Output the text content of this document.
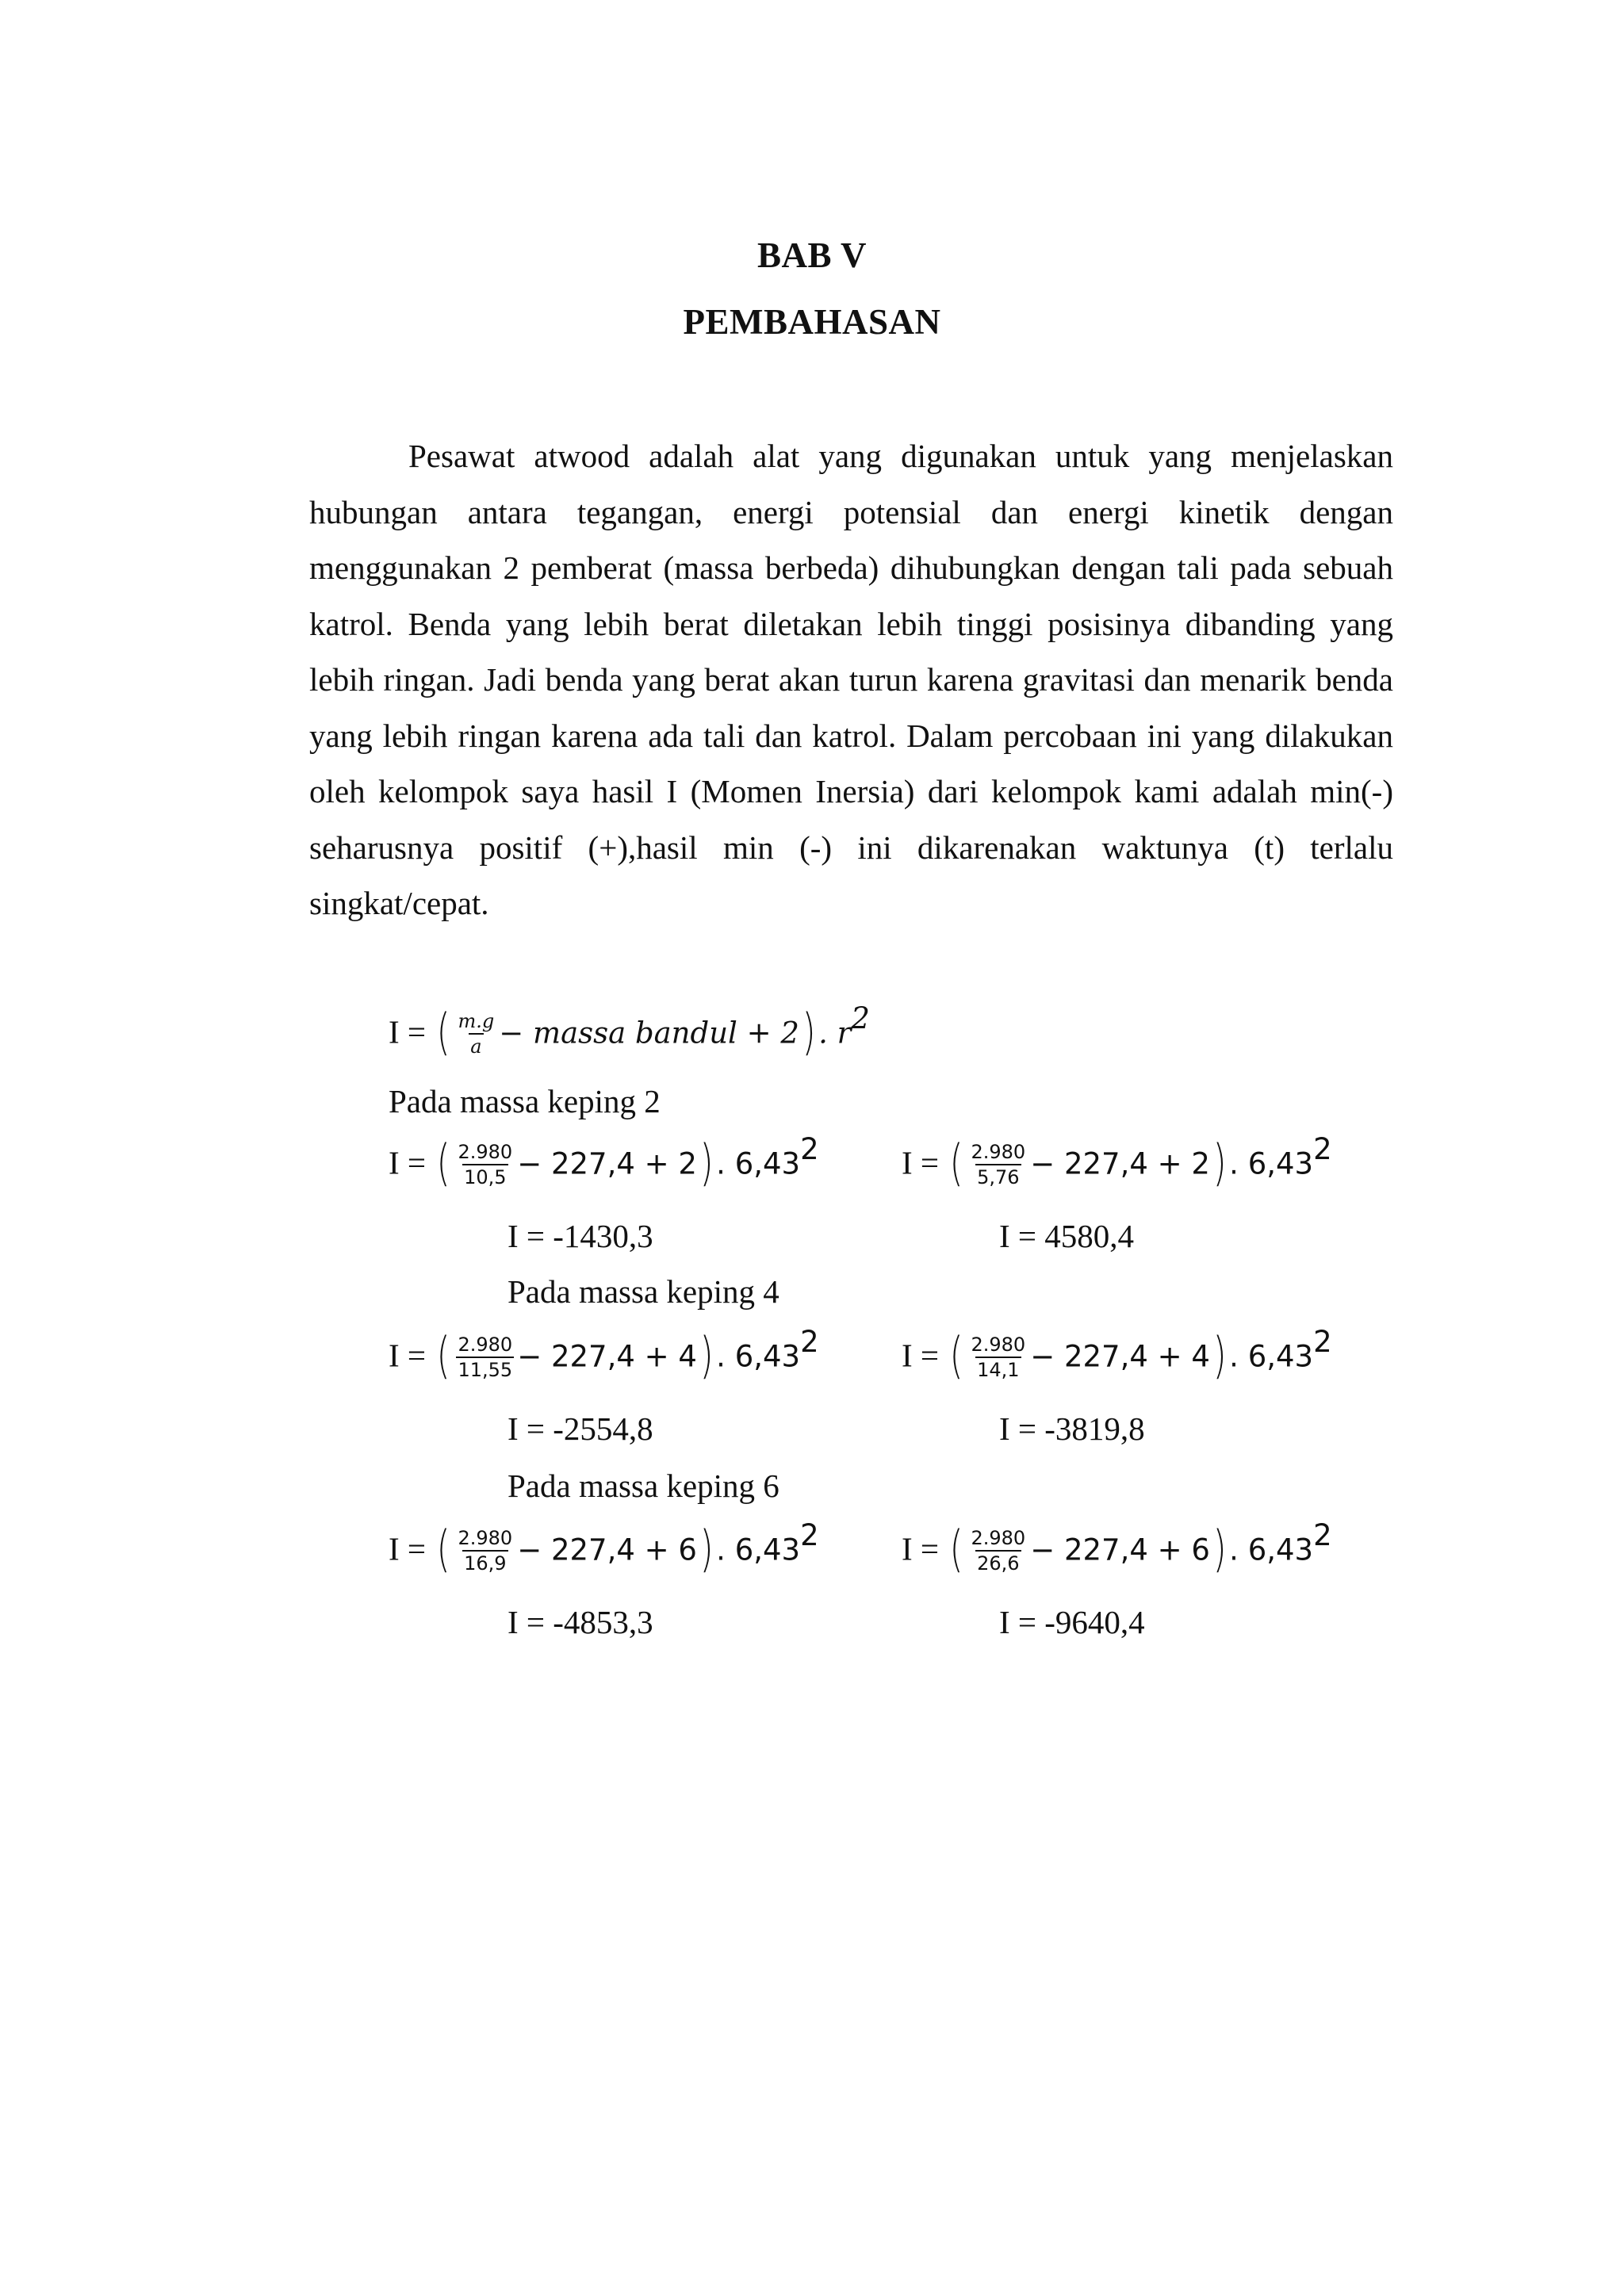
BAB V
PEMBAHASAN

Pesawat atwood adalah alat yang digunakan untuk yang menjelaskan hubungan antara tegangan, energi potensial dan energi kinetik dengan menggunakan 2 pemberat (massa berbeda) dihubungkan dengan tali pada sebuah katrol. Benda yang lebih berat diletakan lebih tinggi posisinya dibanding yang lebih ringan. Jadi benda yang berat akan turun karena gravitasi dan menarik benda yang lebih ringan karena ada tali dan katrol. Dalam percobaan ini yang dilakukan oleh kelompok saya hasil I (Momen Inersia) dari kelompok kami adalah min(-) seharusnya positif (+),hasil min (-) ini dikarenakan waktunya (t) terlalu singkat/cepat.

I = ( $\frac{m.g}{a}$ − massa bandul + 2). $r^2$
Pada massa keping 2
I = ( $\frac{2.980}{10,5} - 227,4 + 2$). 6,43$^2$	I = ( $\frac{2.980}{5,76} - 227,4 + 2$). 6,43$^2$
I = -1430,3	I = 4580,4
Pada massa keping 4
I = ( $\frac{2.980}{11,55} - 227,4 + 4$). 6,43$^2$	I = ( $\frac{2.980}{14,1} - 227,4 + 4$). 6,43$^2$
I = -2554,8	I = -3819,8
Pada massa keping 6
I = ( $\frac{2.980}{16,9} - 227,4 + 6$). 6,43$^2$	I = ( $\frac{2.980}{26,6} - 227,4 + 6$). 6,43$^2$
I = -4853,3	I = -9640,4
